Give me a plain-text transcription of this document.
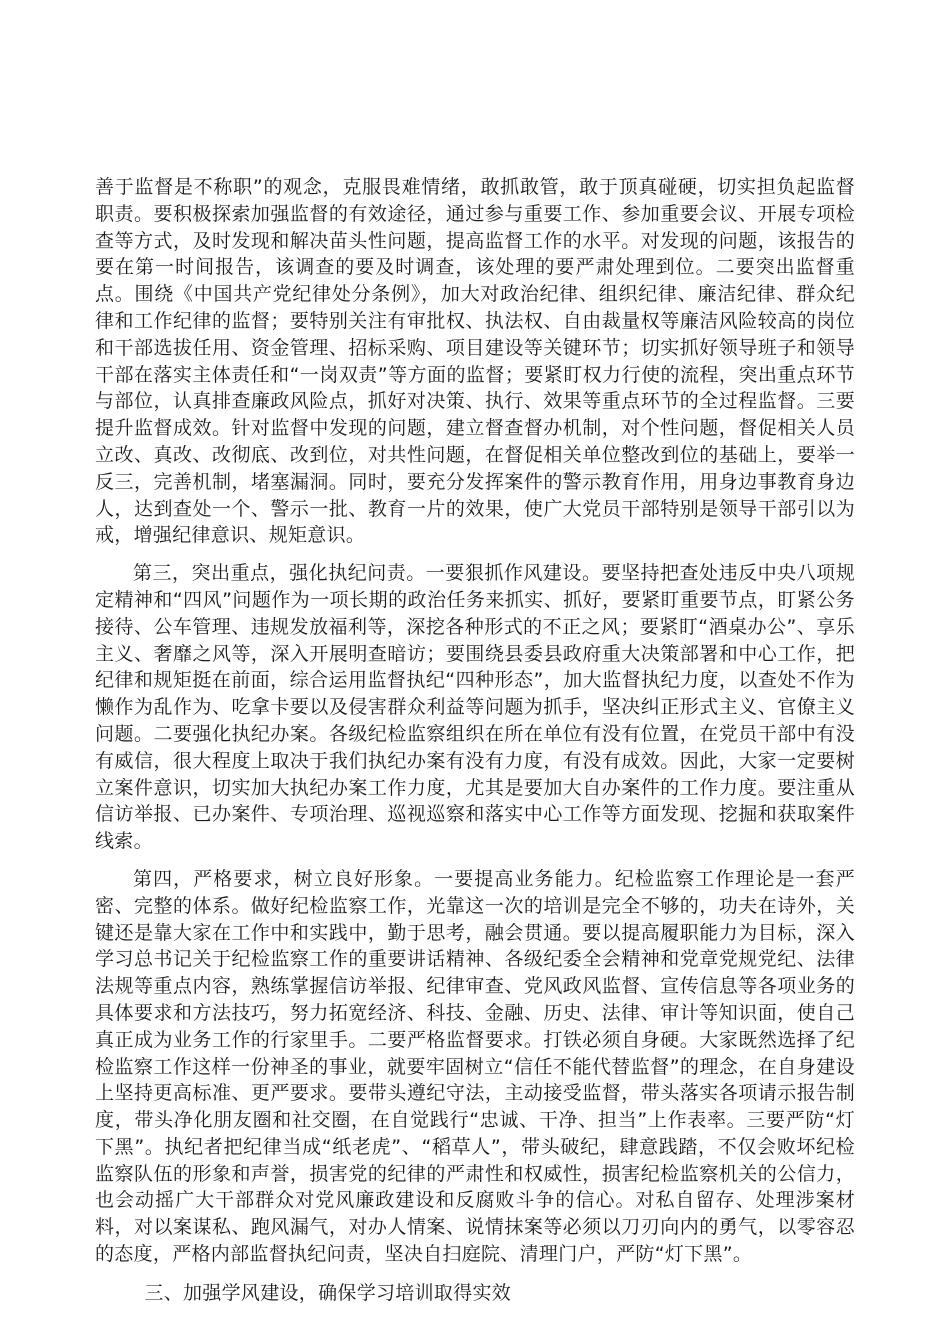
善于监督是不称职”的观念，克服畏难情绪，敢抓敢管，敢于顶真碰硬，切实担负起监督职责。要积极探索加强监督的有效途径，通过参与重要工作、参加重要会议、开展专项检查等方式，及时发现和解决苗头性问题，提高监督工作的水平。对发现的问题，该报告的要在第一时间报告，该调查的要及时调查，该处理的要严肃处理到位。二要突出监督重点。围绕《中国共产党纪律处分条例》，加大对政治纪律、组织纪律、廉洁纪律、群众纪律和工作纪律的监督；要特别关注有审批权、执法权、自由裁量权等廉洁风险较高的岗位和干部选拔任用、资金管理、招标采购、项目建设等关键环节；切实抓好领导班子和领导干部在落实主体责任和“一岗双责”等方面的监督；要紧盯权力行使的流程，突出重点环节与部位，认真排查廉政风险点，抓好对决策、执行、效果等重点环节的全过程监督。三要提升监督成效。针对监督中发现的问题，建立督查督办机制，对个性问题，督促相关人员立改、真改、改彻底、改到位，对共性问题，在督促相关单位整改到位的基础上，要举一反三，完善机制，堵塞漏洞。同时，要充分发挥案件的警示教育作用，用身边事教育身边人，达到查处一个、警示一批、教育一片的效果，使广大党员干部特别是领导干部引以为戒，增强纪律意识、规矩意识。

第三，突出重点，强化执纪问责。一要狠抓作风建设。要坚持把查处违反中央八项规定精神和“四风”问题作为一项长期的政治任务来抓实、抓好，要紧盯重要节点，盯紧公务接待、公车管理、违规发放福利等，深挖各种形式的不正之风；要紧盯“酒桌办公”、享乐主义、奢靡之风等，深入开展明查暗访；要围绕县委县政府重大决策部署和中心工作，把纪律和规矩挺在前面，综合运用监督执纪“四种形态”，加大监督执纪力度，以查处不作为懒作为乱作为、吃拿卡要以及侵害群众利益等问题为抓手，坚决纠正形式主义、官僚主义问题。二要强化执纪办案。各级纪检监察组织在所在单位有没有位置，在党员干部中有没有威信，很大程度上取决于我们执纪办案有没有力度，有没有成效。因此，大家一定要树立案件意识，切实加大执纪办案工作力度，尤其是要加大自办案件的工作力度。要注重从信访举报、已办案件、专项治理、巡视巡察和落实中心工作等方面发现、挖掘和获取案件线索。

第四，严格要求，树立良好形象。一要提高业务能力。纪检监察工作理论是一套严密、完整的体系。做好纪检监察工作，光靠这一次的培训是完全不够的，功夫在诗外，关键还是靠大家在工作中和实践中，勤于思考，融会贯通。要以提高履职能力为目标，深入学习总书记关于纪检监察工作的重要讲话精神、各级纪委全会精神和党章党规党纪、法律法规等重点内容，熟练掌握信访举报、纪律审查、党风政风监督、宣传信息等各项业务的具体要求和方法技巧，努力拓宽经济、科技、金融、历史、法律、审计等知识面，使自己真正成为业务工作的行家里手。二要严格监督要求。打铁必须自身硬。大家既然选择了纪检监察工作这样一份神圣的事业，就要牢固树立“信任不能代替监督”的理念，在自身建设上坚持更高标准、更严要求。要带头遵纪守法，主动接受监督，带头落实各项请示报告制度，带头净化朋友圈和社交圈，在自觉践行“忠诚、干净、担当”上作表率。三要严防“灯下黑”。执纪者把纪律当成“纸老虎”、“稻草人”，带头破纪，肆意践踏，不仅会败坏纪检监察队伍的形象和声誉，损害党的纪律的严肃性和权威性，损害纪检监察机关的公信力，也会动摇广大干部群众对党风廉政建设和反腐败斗争的信心。对私自留存、处理涉案材料，对以案谋私、跑风漏气，对办人情案、说情抹案等必须以刀刃向内的勇气，以零容忍的态度，严格内部监督执纪问责，坚决自扫庭院、清理门户，严防“灯下黑”。

三、加强学风建设，确保学习培训取得实效
